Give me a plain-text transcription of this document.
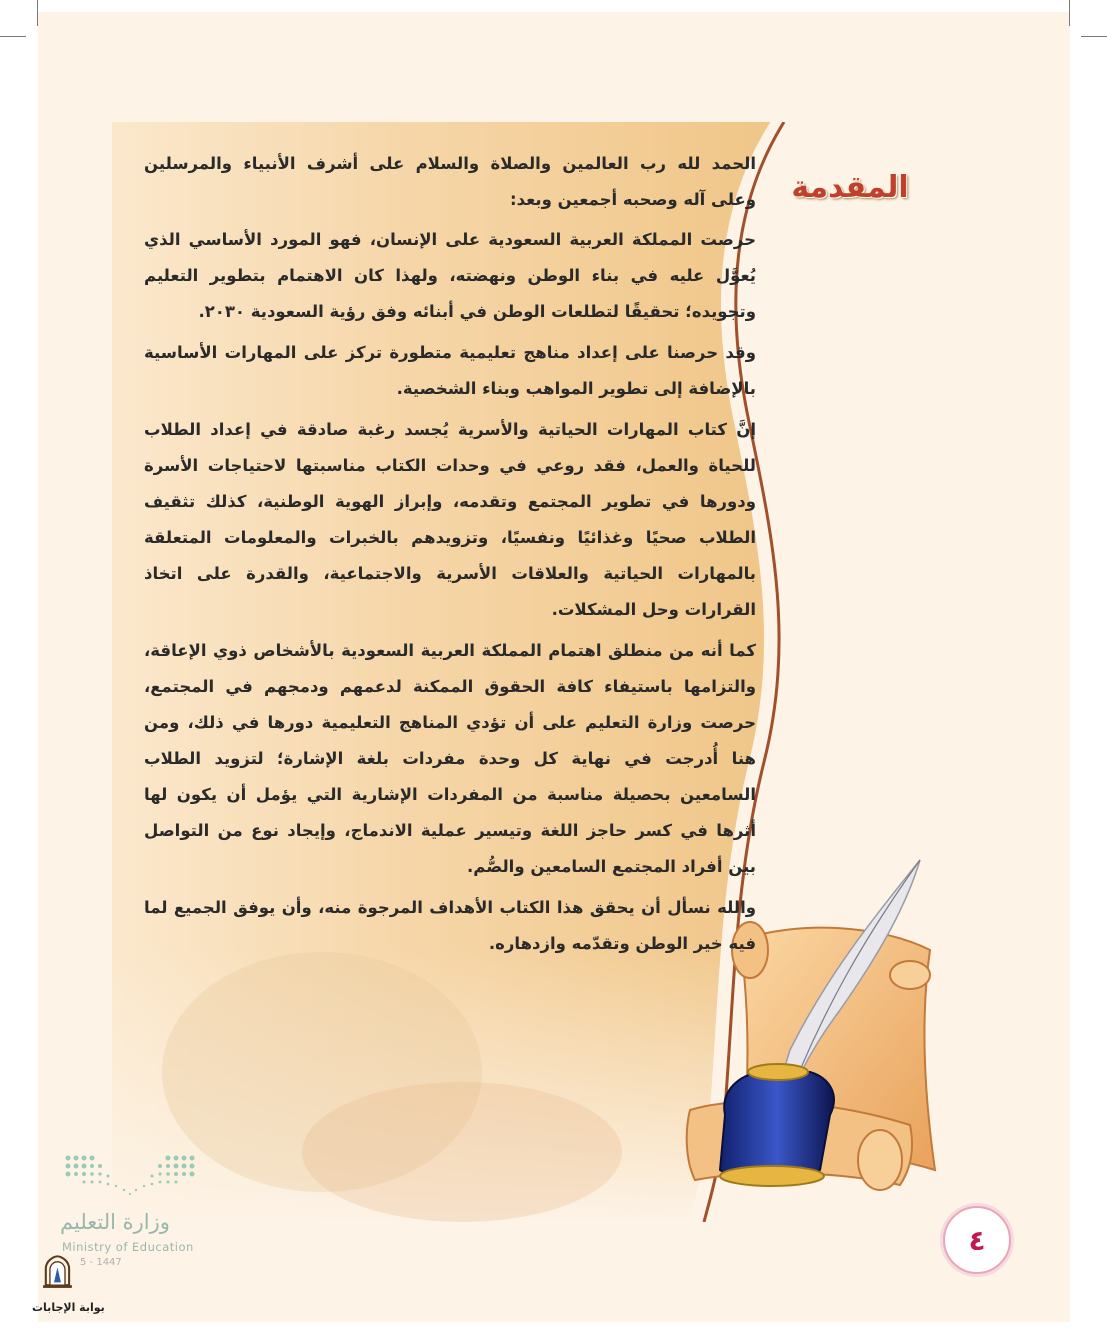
المقدمة

الحمد لله رب العالمين والصلاة والسلام على أشرف الأنبياء والمرسلين وعلى آله وصحبه أجمعين وبعد:

حرصت المملكة العربية السعودية على الإنسان، فهو المورد الأساسي الذي يُعوَّل عليه في بناء الوطن ونهضته، ولهذا كان الاهتمام بتطوير التعليم وتجويده؛ تحقيقًا لتطلعات الوطن في أبنائه وفق رؤية السعودية ٢٠٣٠.

وقد حرصنا على إعداد مناهج تعليمية متطورة تركز على المهارات الأساسية بالإضافة إلى تطوير المواهب وبناء الشخصية.

إنَّ كتاب المهارات الحياتية والأسرية يُجسد رغبة صادقة في إعداد الطلاب للحياة والعمل، فقد روعي في وحدات الكتاب مناسبتها لاحتياجات الأسرة ودورها في تطوير المجتمع وتقدمه، وإبراز الهوية الوطنية، كذلك تثقيف الطلاب صحيًا وغذائيًا ونفسيًا، وتزويدهم بالخبرات والمعلومات المتعلقة بالمهارات الحياتية والعلاقات الأسرية والاجتماعية، والقدرة على اتخاذ القرارات وحل المشكلات.

كما أنه من منطلق اهتمام المملكة العربية السعودية بالأشخاص ذوي الإعاقة، والتزامها باستيفاء كافة الحقوق الممكنة لدعمهم ودمجهم في المجتمع، حرصت وزارة التعليم على أن تؤدي المناهج التعليمية دورها في ذلك، ومن هنا أُدرجت في نهاية كل وحدة مفردات بلغة الإشارة؛ لتزويد الطلاب السامعين بحصيلة مناسبة من المفردات الإشارية التي يؤمل أن يكون لها أثرها في كسر حاجز اللغة وتيسير عملية الاندماج، وإيجاد نوع من التواصل بين أفراد المجتمع السامعين والصُّم.

والله نسأل أن يحقق هذا الكتاب الأهداف المرجوة منه، وأن يوفق الجميع لما فيه خير الوطن وتقدّمه وازدهاره.

٤
وزارة التعليم
Ministry of Education
5 - 1447
بوابة الإجابات
